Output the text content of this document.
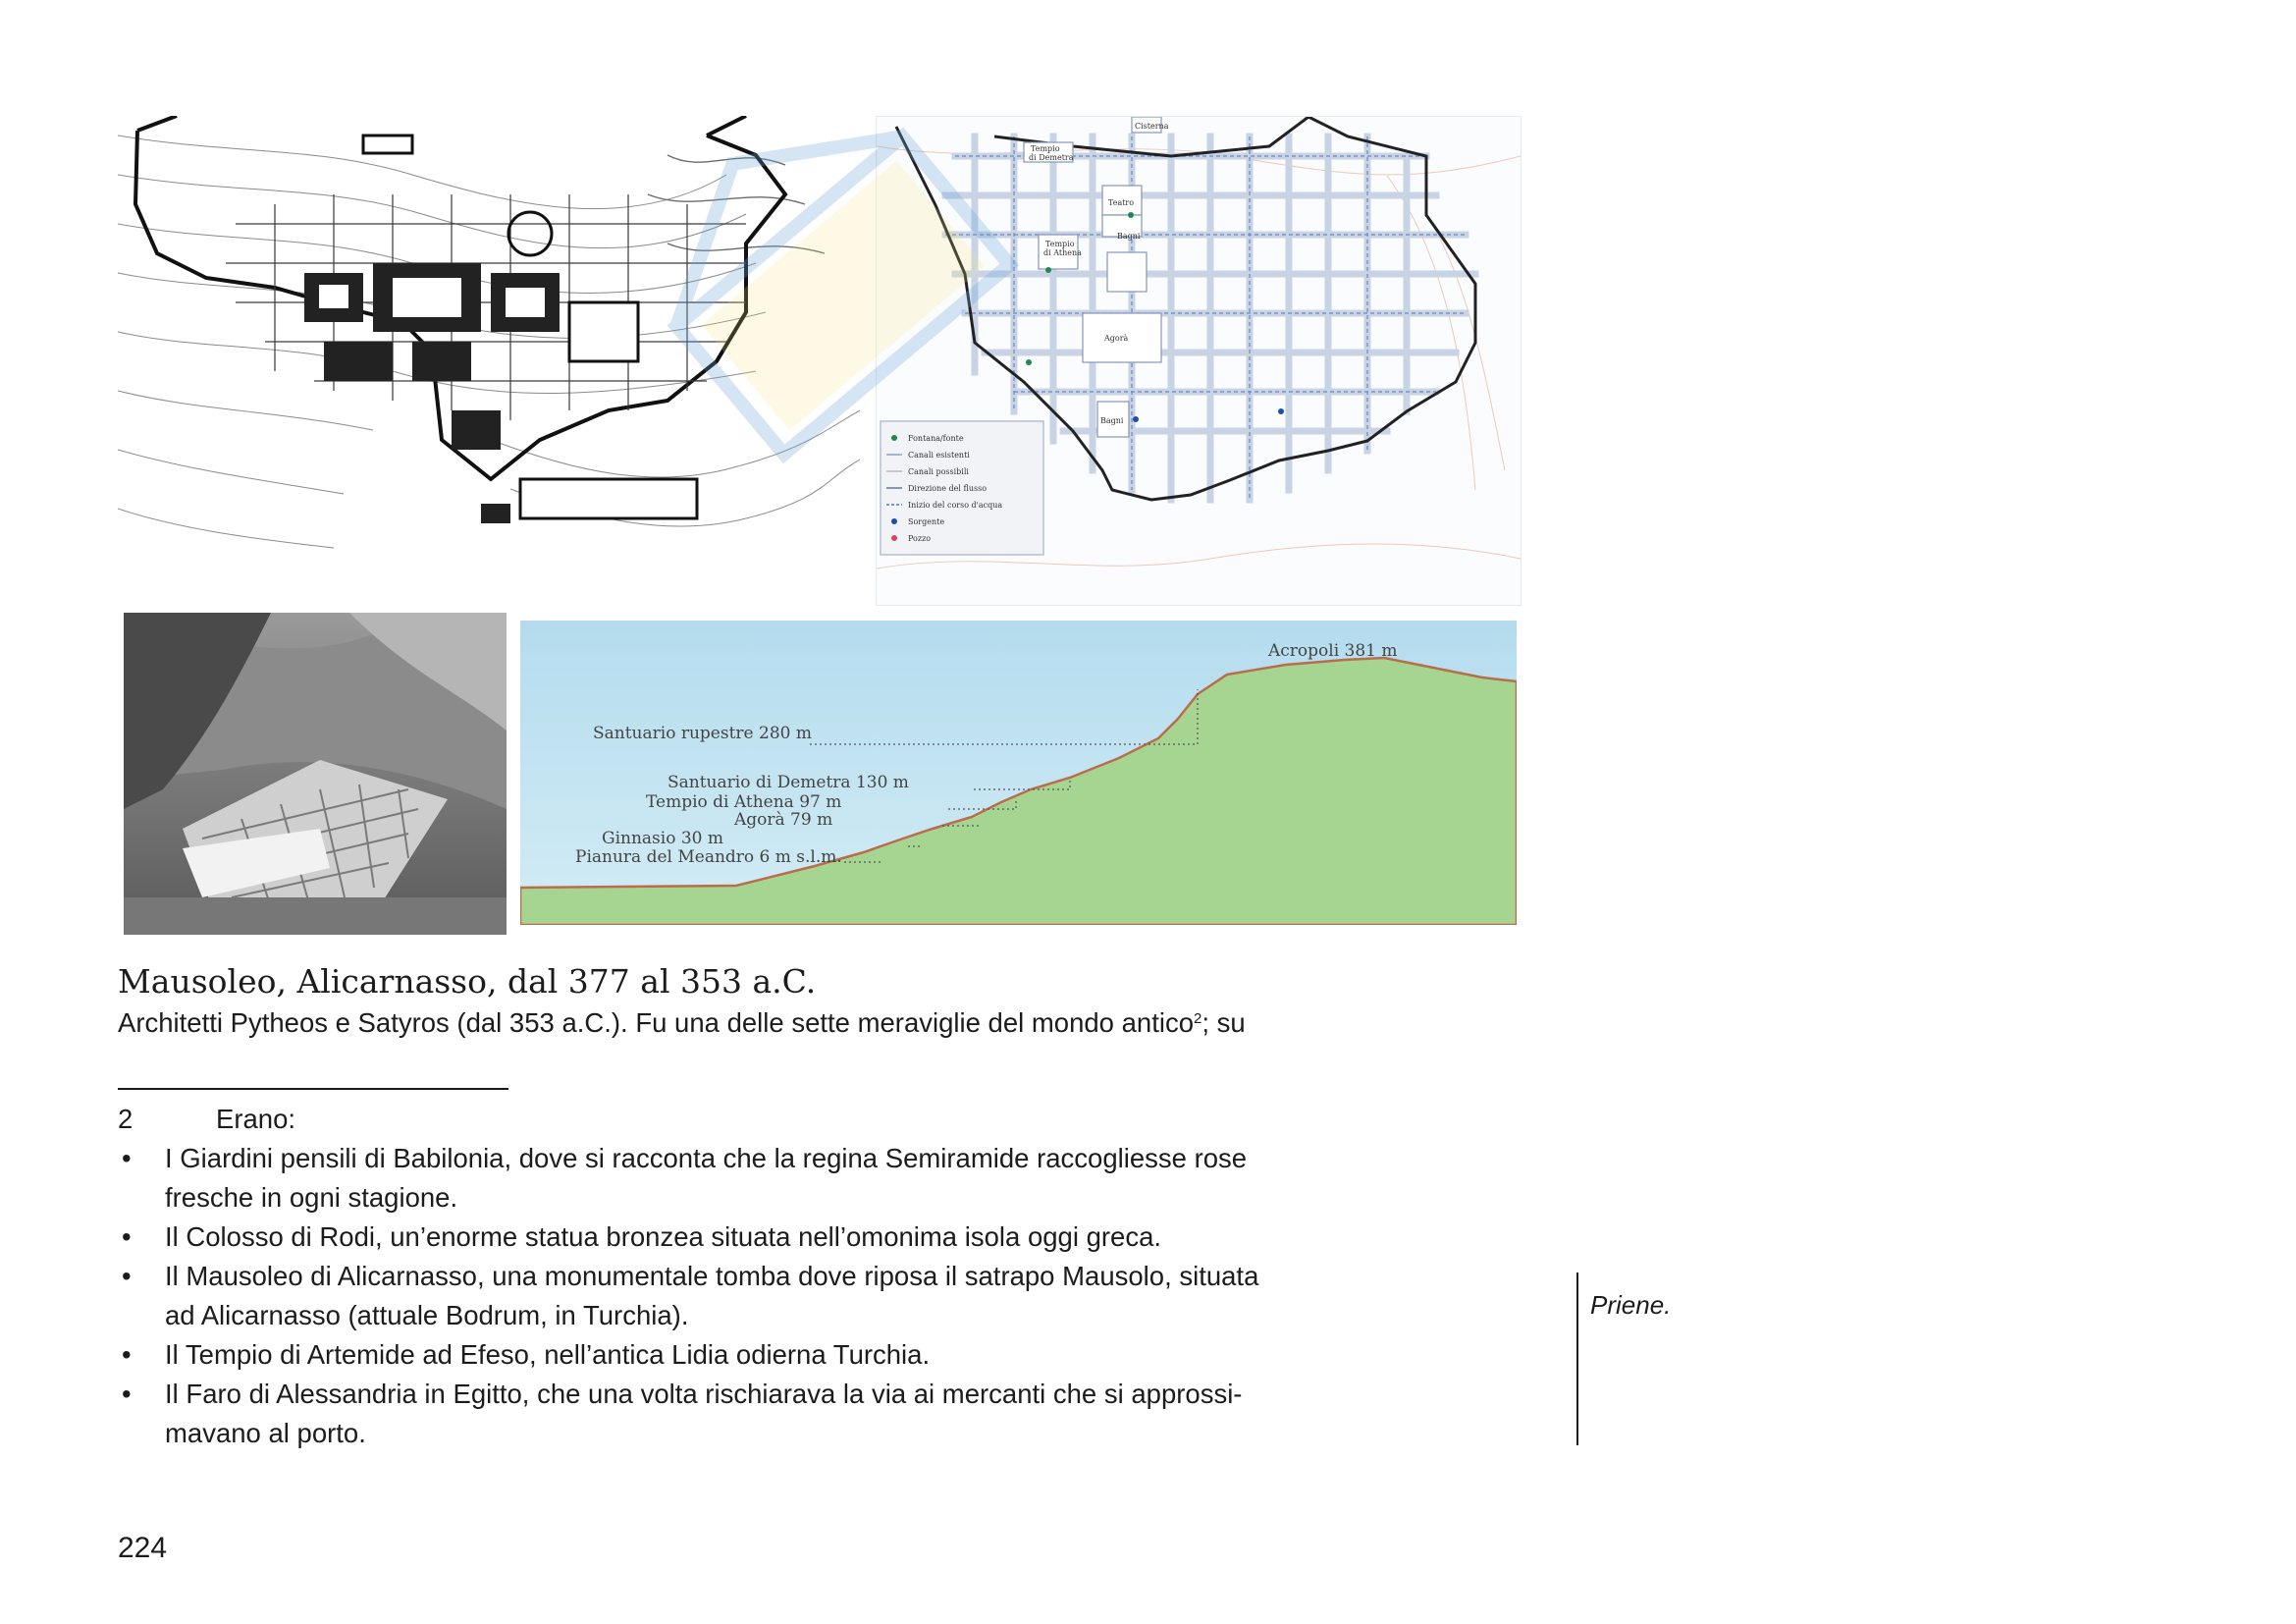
Cisterna
Tempio
di Demetra
Teatro
Tempio
di Athena
Bagni
Agorà
Bagni
Fontana/fonte
Canali esistenti
Canali possibili
Direzione del flusso
Inizio del corso d'acqua
Sorgente
Pozzo
Acropoli 381 m
Santuario rupestre 280 m
Santuario di Demetra 130 m
Tempio di Athena 97 m
Agorà 79 m
Ginnasio 30 m
Pianura del Meandro 6 m s.l.m.
Mausoleo, Alicarnasso, dal 377 al 353 a.C.

Architetti Pytheos e Satyros (dal 353 a.C.). Fu una delle sette meraviglie del mondo antico$^2$; su

2	Erano:
• I Giardini pensili di Babilonia, dove si racconta che la regina Semiramide raccogliesse rose
fresche in ogni stagione.
• Il Colosso di Rodi, un’enorme statua bronzea situata nell’omonima isola oggi greca.
• Il Mausoleo di Alicarnasso, una monumentale tomba dove riposa il satrapo Mausolo, situata
ad Alicarnasso (attuale Bodrum, in Turchia).
• Il Tempio di Artemide ad Efeso, nell’antica Lidia odierna Turchia.
• Il Faro di Alessandria in Egitto, che una volta rischiarava la via ai mercanti che si approssi-
mavano al porto.
Priene.
224
